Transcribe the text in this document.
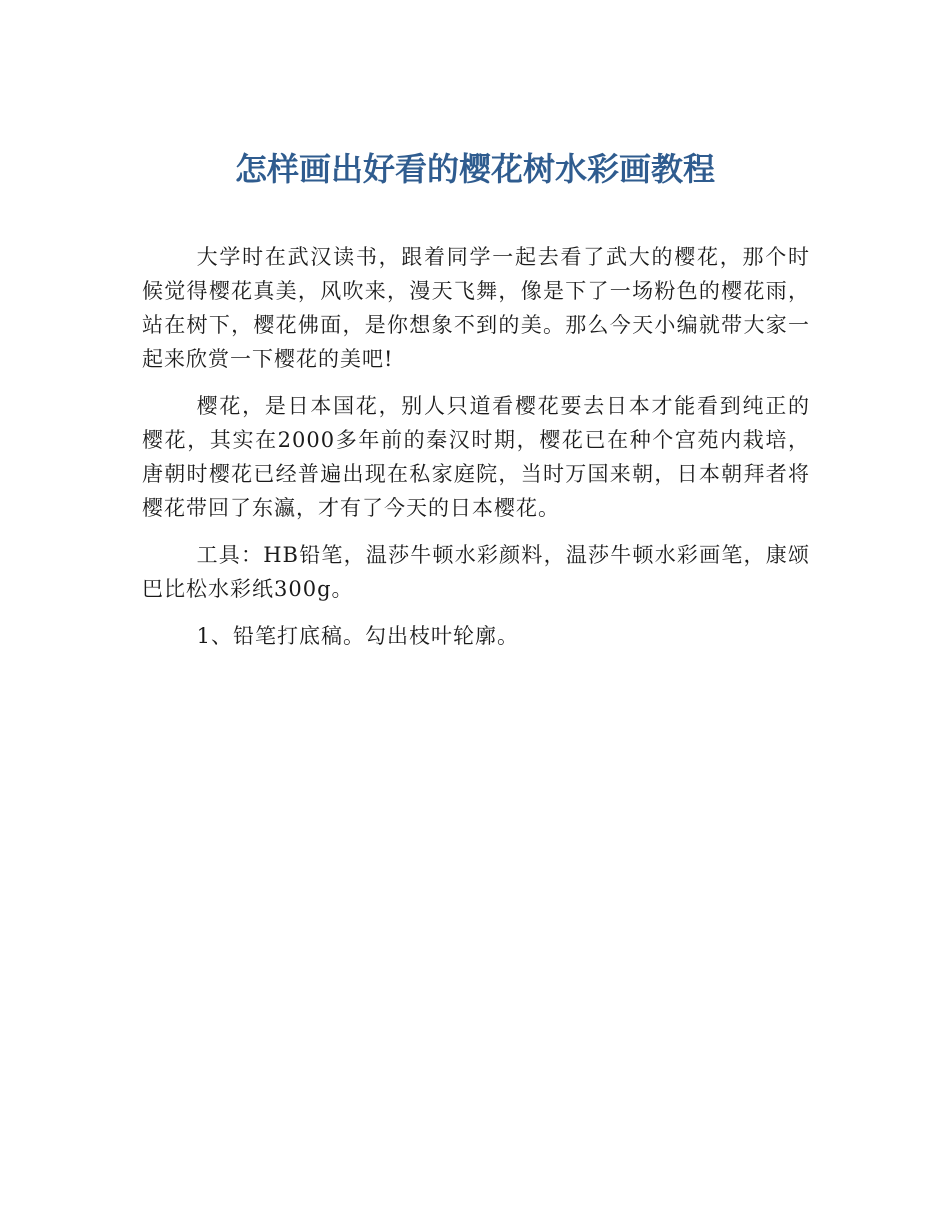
怎样画出好看的樱花树水彩画教程

大学时在武汉读书，跟着同学一起去看了武大的樱花，那个时候觉得樱花真美，风吹来，漫天飞舞，像是下了一场粉色的樱花雨，站在树下，樱花佛面，是你想象不到的美。那么今天小编就带大家一起来欣赏一下樱花的美吧!

樱花，是日本国花，别人只道看樱花要去日本才能看到纯正的樱花，其实在2000多年前的秦汉时期，樱花已在种个宫苑内栽培，唐朝时樱花已经普遍出现在私家庭院，当时万国来朝，日本朝拜者将樱花带回了东瀛，才有了今天的日本樱花。

工具：HB铅笔，温莎牛顿水彩颜料，温莎牛顿水彩画笔，康颂巴比松水彩纸300g。

1、铅笔打底稿。勾出枝叶轮廓。
